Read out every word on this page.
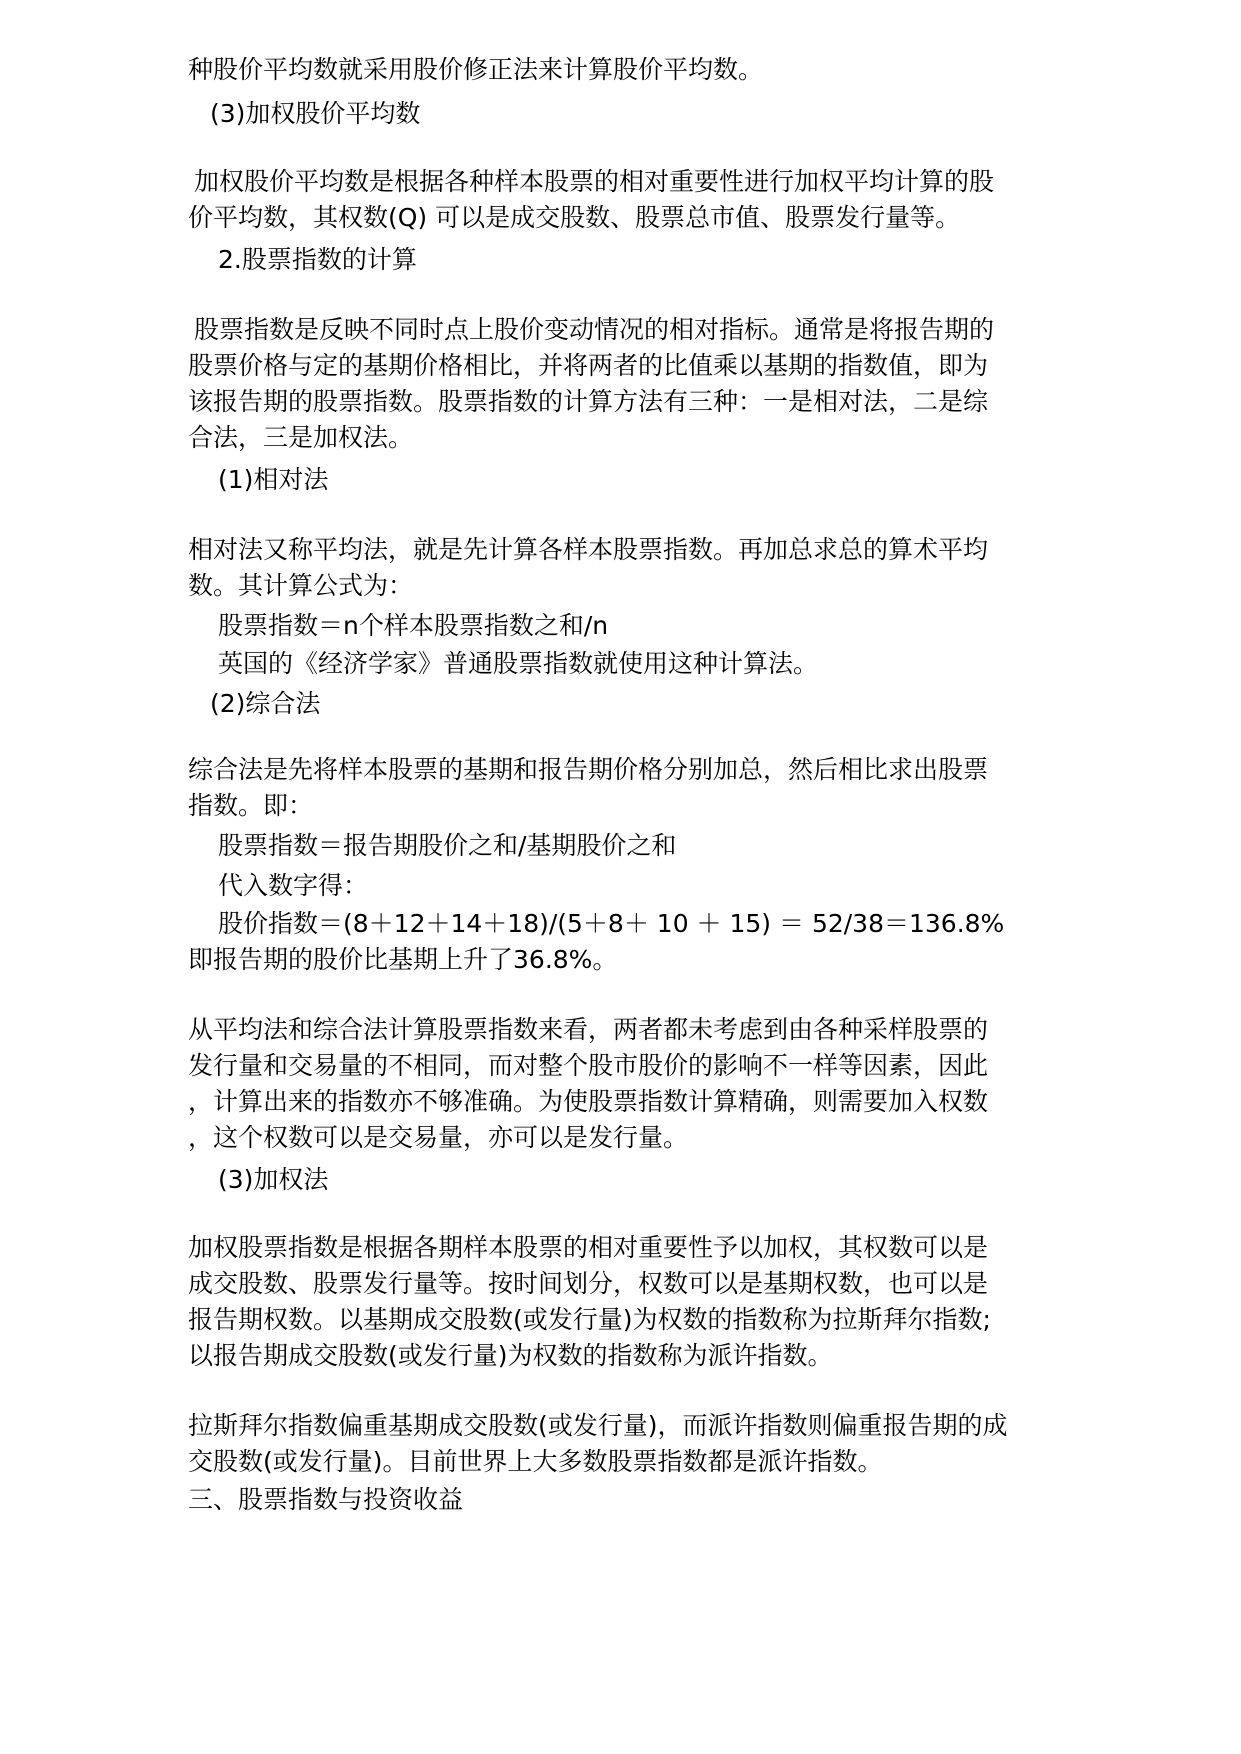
种股价平均数就采用股价修正法来计算股价平均数。
(3)加权股价平均数
加权股价平均数是根据各种样本股票的相对重要性进行加权平均计算的股
价平均数，其权数(Q) 可以是成交股数、股票总市值、股票发行量等。
2.股票指数的计算
股票指数是反映不同时点上股价变动情况的相对指标。通常是将报告期的
股票价格与定的基期价格相比，并将两者的比值乘以基期的指数值，即为
该报告期的股票指数。股票指数的计算方法有三种：一是相对法，二是综
合法，三是加权法。
(1)相对法
相对法又称平均法，就是先计算各样本股票指数。再加总求总的算术平均
数。其计算公式为：
股票指数＝n个样本股票指数之和/n
英国的《经济学家》普通股票指数就使用这种计算法。
(2)综合法
综合法是先将样本股票的基期和报告期价格分别加总，然后相比求出股票
指数。即：
股票指数＝报告期股价之和/基期股价之和
代入数字得：
股价指数＝(8＋12＋14＋18)/(5＋8＋ 10 ＋ 15) ＝ 52/38＝136.8%
即报告期的股价比基期上升了36.8%。
从平均法和综合法计算股票指数来看，两者都未考虑到由各种采样股票的
发行量和交易量的不相同，而对整个股市股价的影响不一样等因素，因此
，计算出来的指数亦不够准确。为使股票指数计算精确，则需要加入权数
，这个权数可以是交易量，亦可以是发行量。
(3)加权法
加权股票指数是根据各期样本股票的相对重要性予以加权，其权数可以是
成交股数、股票发行量等。按时间划分，权数可以是基期权数，也可以是
报告期权数。以基期成交股数(或发行量)为权数的指数称为拉斯拜尔指数;
以报告期成交股数(或发行量)为权数的指数称为派许指数。
拉斯拜尔指数偏重基期成交股数(或发行量)，而派许指数则偏重报告期的成
交股数(或发行量)。目前世界上大多数股票指数都是派许指数。
三、股票指数与投资收益
